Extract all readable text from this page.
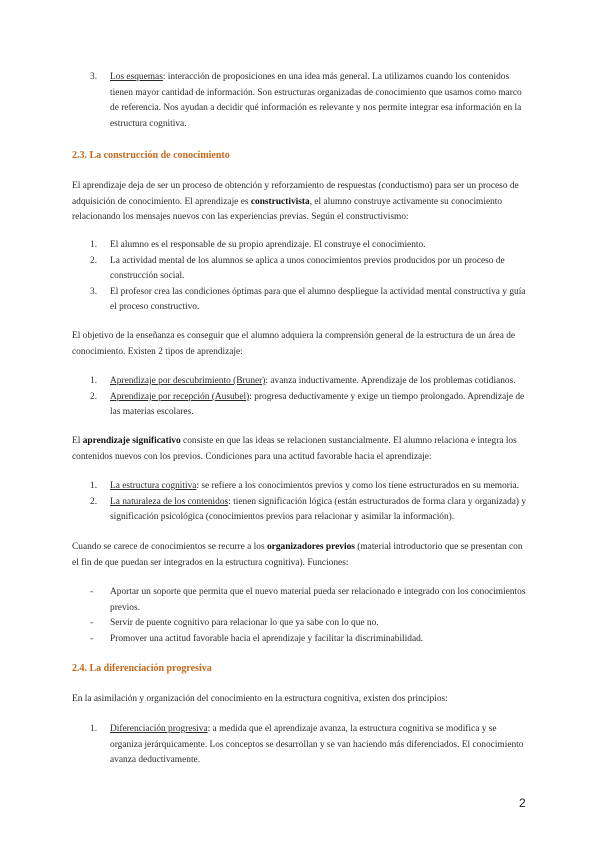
3. Los esquemas: interacción de proposiciones en una idea más general. La utilizamos cuando los contenidos tienen mayor cantidad de información. Son estructuras organizadas de conocimiento que usamos como marco de referencia. Nos ayudan a decidir qué información es relevante y nos permite integrar esa información en la estructura cognitiva.
2.3. La construcción de conocimiento

El aprendizaje deja de ser un proceso de obtención y reforzamiento de respuestas (conductismo) para ser un proceso de adquisición de conocimiento. El aprendizaje es constructivista, el alumno construye activamente su conocimiento relacionando los mensajes nuevos con las experiencias previas. Según el constructivismo:

1. El alumno es el responsable de su propio aprendizaje. El construye el conocimiento.
2. La actividad mental de los alumnos se aplica a unos conocimientos previos producidos por un proceso de construcción social.
3. El profesor crea las condiciones óptimas para que el alumno despliegue la actividad mental constructiva y guía el proceso constructivo.

El objetivo de la enseñanza es conseguir que el alumno adquiera la comprensión general de la estructura de un área de conocimiento. Existen 2 tipos de aprendizaje:

1. Aprendizaje por descubrimiento (Bruner): avanza inductivamente. Aprendizaje de los problemas cotidianos.
2. Aprendizaje por recepción (Ausubel): progresa deductivamente y exige un tiempo prolongado. Aprendizaje de las materias escolares.

El aprendizaje significativo consiste en que las ideas se relacionen sustancialmente. El alumno relaciona e integra los contenidos nuevos con los previos. Condiciones para una actitud favorable hacia el aprendizaje:

1. La estructura cognitiva: se refiere a los conocimientos previos y como los tiene estructurados en su memoria.
2. La naturaleza de los contenidos: tienen significación lógica (están estructurados de forma clara y organizada) y significación psicológica (conocimientos previos para relacionar y asimilar la información).

Cuando se carece de conocimientos se recurre a los organizadores previos (material introductorio que se presentan con el fin de que puedan ser integrados en la estructura cognitiva). Funciones:

- Aportar un soporte que permita que el nuevo material pueda ser relacionado e integrado con los conocimientos previos.
- Servir de puente cognitivo para relacionar lo que ya sabe con lo que no.
- Promover una actitud favorable hacia el aprendizaje y facilitar la discriminabilidad.
2.4. La diferenciación progresiva

En la asimilación y organización del conocimiento en la estructura cognitiva, existen dos principios:

1. Diferenciación progresiva: a medida que el aprendizaje avanza, la estructura cognitiva se modifica y se organiza jerárquicamente. Los conceptos se desarrollan y se van haciendo más diferenciados. El conocimiento avanza deductivamente.
2
